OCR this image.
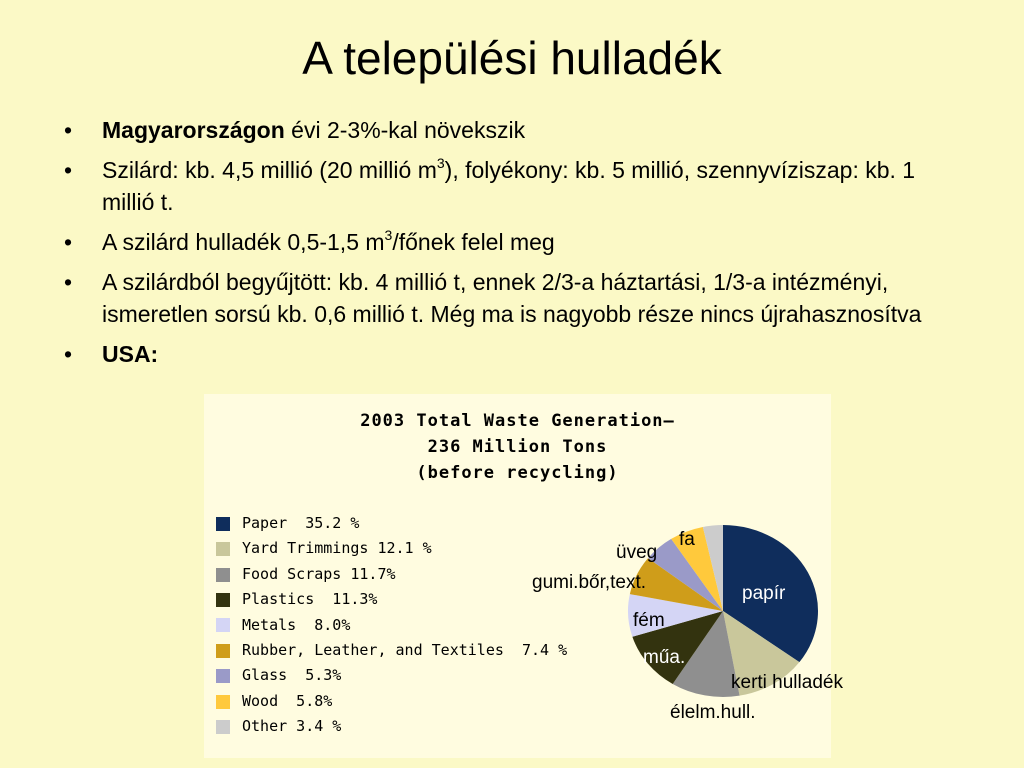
A települési hulladék
• Magyarországon évi 2-3%-kal növekszik
• Szilárd: kb. 4,5 millió (20 millió $m^3$), folyékony: kb. 5 millió, szennyvíziszap: kb. 1 millió t.
• A szilárd hulladék 0,5-1,5 $m^3$/főnek felel meg
• A szilárdból begyűjtött: kb. 4 millió t, ennek 2/3-a háztartási, 1/3-a intézményi, ismeretlen sorsú kb. 0,6 millió t. Még ma is nagyobb része nincs újrahasznosítva
• USA:
2003 Total Waste Generation—
236 Million Tons
(before recycling)
Paper  35.2 %
Yard Trimmings 12.1 %
Food Scraps 11.7%
Plastics  11.3%
Metals  8.0%
Rubber, Leather, and Textiles  7.4 %
Glass  5.3%
Wood  5.8%
Other 3.4 %
papír
kerti hulladék
élelm.hull.
műa.
fém
gumi.bőr,text.
üveg
fa
